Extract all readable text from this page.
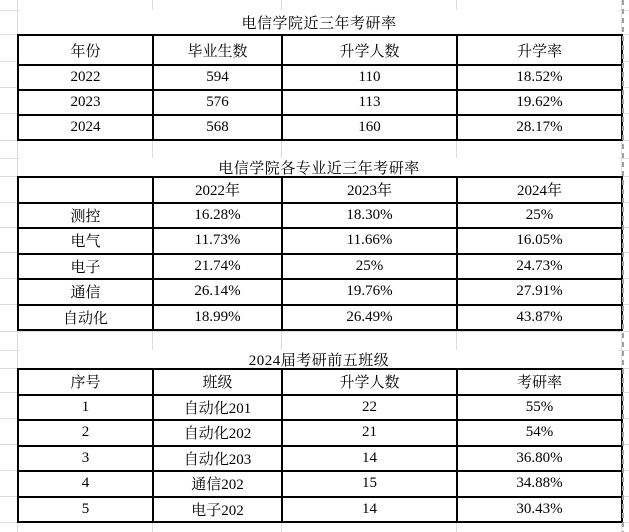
电信学院近三年考研率
年份	毕业生数	升学人数	升学率
2022	594	110	18.52%
2023	576	113	19.62%
2024	568	160	28.17%
电信学院各专业近三年考研率
	2022年	2023年	2024年
测控	16.28%	18.30%	25%
电气	11.73%	11.66%	16.05%
电子	21.74%	25%	24.73%
通信	26.14%	19.76%	27.91%
自动化	18.99%	26.49%	43.87%
2024届考研前五班级
序号	班级	升学人数	考研率
1	自动化201	22	55%
2	自动化202	21	54%
3	自动化203	14	36.80%
4	通信202	15	34.88%
5	电子202	14	30.43%
